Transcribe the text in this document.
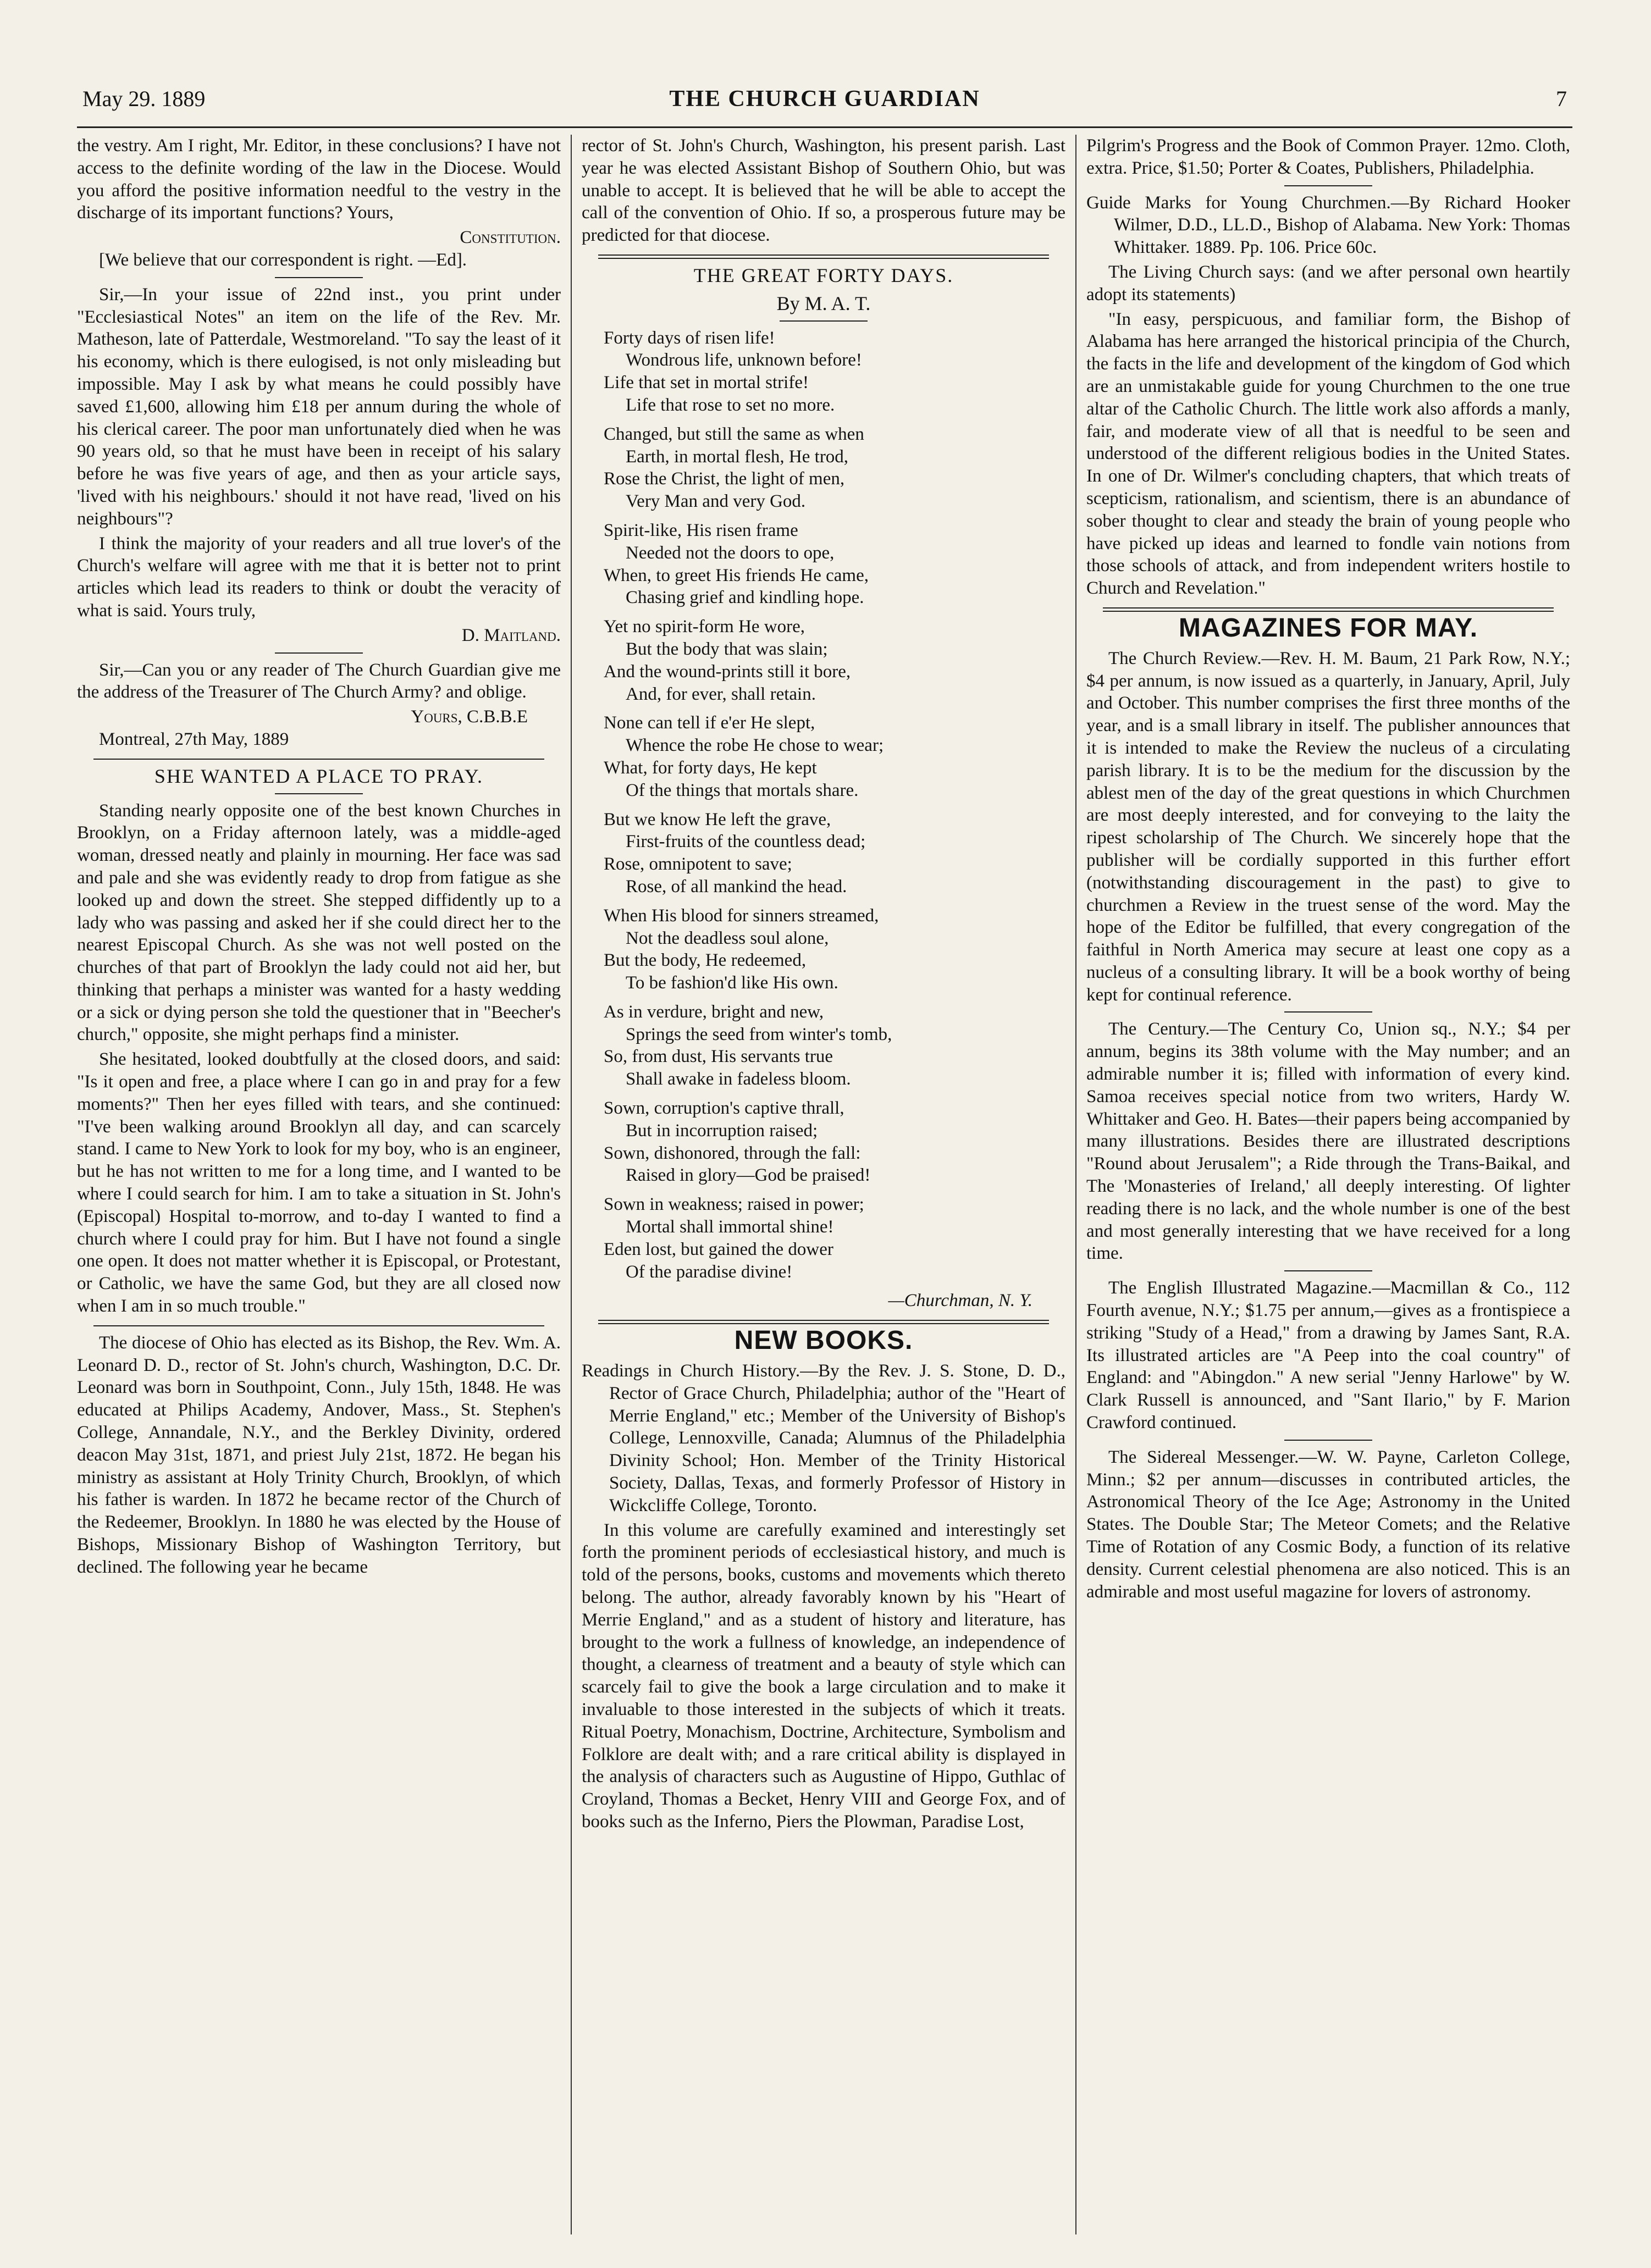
May 29. 1889	THE CHURCH GUARDIAN	7

the vestry. Am I right, Mr. Editor, in these conclusions? I have not access to the definite wording of the law in the Diocese. Would you afford the positive information needful to the vestry in the discharge of its important functions? Yours,

Constitution.

[We believe that our correspondent is right. —Ed].

Sir,—In your issue of 22nd inst., you print under "Ecclesiastical Notes" an item on the life of the Rev. Mr. Matheson, late of Patterdale, Westmoreland. "To say the least of it his economy, which is there eulogised, is not only misleading but impossible. May I ask by what means he could possibly have saved £1,600, allowing him £18 per annum during the whole of his clerical career. The poor man unfortunately died when he was 90 years old, so that he must have been in receipt of his salary before he was five years of age, and then as your article says, 'lived with his neighbours.' should it not have read, 'lived on his neighbours"?

I think the majority of your readers and all true lover's of the Church's welfare will agree with me that it is better not to print articles which lead its readers to think or doubt the veracity of what is said. Yours truly,

D. Maitland.

Sir,—Can you or any reader of The Church Guardian give me the address of the Treasurer of The Church Army? and oblige.

Yours, C.B.B.E

Montreal, 27th May, 1889

SHE WANTED A PLACE TO PRAY.

Standing nearly opposite one of the best known Churches in Brooklyn, on a Friday afternoon lately, was a middle-aged woman, dressed neatly and plainly in mourning. Her face was sad and pale and she was evidently ready to drop from fatigue as she looked up and down the street. She stepped diffidently up to a lady who was passing and asked her if she could direct her to the nearest Episcopal Church. As she was not well posted on the churches of that part of Brooklyn the lady could not aid her, but thinking that perhaps a minister was wanted for a hasty wedding or a sick or dying person she told the questioner that in "Beecher's church," opposite, she might perhaps find a minister.

She hesitated, looked doubtfully at the closed doors, and said: "Is it open and free, a place where I can go in and pray for a few moments?" Then her eyes filled with tears, and she continued: "I've been walking around Brooklyn all day, and can scarcely stand. I came to New York to look for my boy, who is an engineer, but he has not written to me for a long time, and I wanted to be where I could search for him. I am to take a situation in St. John's (Episcopal) Hospital to-morrow, and to-day I wanted to find a church where I could pray for him. But I have not found a single one open. It does not matter whether it is Episcopal, or Protestant, or Catholic, we have the same God, but they are all closed now when I am in so much trouble."

The diocese of Ohio has elected as its Bishop, the Rev. Wm. A. Leonard D. D., rector of St. John's church, Washington, D.C. Dr. Leonard was born in Southpoint, Conn., July 15th, 1848. He was educated at Philips Academy, Andover, Mass., St. Stephen's College, Annandale, N.Y., and the Berkley Divinity, ordered deacon May 31st, 1871, and priest July 21st, 1872. He began his ministry as assistant at Holy Trinity Church, Brooklyn, of which his father is warden. In 1872 he became rector of the Church of the Redeemer, Brooklyn. In 1880 he was elected by the House of Bishops, Missionary Bishop of Washington Territory, but declined. The following year he became

rector of St. John's Church, Washington, his present parish. Last year he was elected Assistant Bishop of Southern Ohio, but was unable to accept. It is believed that he will be able to accept the call of the convention of Ohio. If so, a prosperous future may be predicted for that diocese.

THE GREAT FORTY DAYS.
By M. A. T.
Forty days of risen life!
Wondrous life, unknown before!
Life that set in mortal strife!
Life that rose to set no more.
Changed, but still the same as when
Earth, in mortal flesh, He trod,
Rose the Christ, the light of men,
Very Man and very God.
Spirit-like, His risen frame
Needed not the doors to ope,
When, to greet His friends He came,
Chasing grief and kindling hope.
Yet no spirit-form He wore,
But the body that was slain;
And the wound-prints still it bore,
And, for ever, shall retain.
None can tell if e'er He slept,
Whence the robe He chose to wear;
What, for forty days, He kept
Of the things that mortals share.
But we know He left the grave,
First-fruits of the countless dead;
Rose, omnipotent to save;
Rose, of all mankind the head.
When His blood for sinners streamed,
Not the deadless soul alone,
But the body, He redeemed,
To be fashion'd like His own.
As in verdure, bright and new,
Springs the seed from winter's tomb,
So, from dust, His servants true
Shall awake in fadeless bloom.
Sown, corruption's captive thrall,
But in incorruption raised;
Sown, dishonored, through the fall:
Raised in glory—God be praised!
Sown in weakness; raised in power;
Mortal shall immortal shine!
Eden lost, but gained the dower
Of the paradise divine!
—Churchman, N. Y.
NEW BOOKS.

Readings in Church History.—By the Rev. J. S. Stone, D. D., Rector of Grace Church, Philadelphia; author of the "Heart of Merrie England," etc.; Member of the University of Bishop's College, Lennoxville, Canada; Alumnus of the Philadelphia Divinity School; Hon. Member of the Trinity Historical Society, Dallas, Texas, and formerly Professor of History in Wickcliffe College, Toronto.

In this volume are carefully examined and interestingly set forth the prominent periods of ecclesiastical history, and much is told of the persons, books, customs and movements which thereto belong. The author, already favorably known by his "Heart of Merrie England," and as a student of history and literature, has brought to the work a fullness of knowledge, an independence of thought, a clearness of treatment and a beauty of style which can scarcely fail to give the book a large circulation and to make it invaluable to those interested in the subjects of which it treats. Ritual Poetry, Monachism, Doctrine, Architecture, Symbolism and Folklore are dealt with; and a rare critical ability is displayed in the analysis of characters such as Augustine of Hippo, Guthlac of Croyland, Thomas a Becket, Henry VIII and George Fox, and of books such as the Inferno, Piers the Plowman, Paradise Lost,

Pilgrim's Progress and the Book of Common Prayer. 12mo. Cloth, extra. Price, $1.50; Porter & Coates, Publishers, Philadelphia.

Guide Marks for Young Churchmen.—By Richard Hooker Wilmer, D.D., LL.D., Bishop of Alabama. New York: Thomas Whittaker. 1889. Pp. 106. Price 60c.

The Living Church says: (and we after personal own heartily adopt its statements)

"In easy, perspicuous, and familiar form, the Bishop of Alabama has here arranged the historical principia of the Church, the facts in the life and development of the kingdom of God which are an unmistakable guide for young Churchmen to the one true altar of the Catholic Church. The little work also affords a manly, fair, and moderate view of all that is needful to be seen and understood of the different religious bodies in the United States. In one of Dr. Wilmer's concluding chapters, that which treats of scepticism, rationalism, and scientism, there is an abundance of sober thought to clear and steady the brain of young people who have picked up ideas and learned to fondle vain notions from those schools of attack, and from independent writers hostile to Church and Revelation."

MAGAZINES FOR MAY.

The Church Review.—Rev. H. M. Baum, 21 Park Row, N.Y.; $4 per annum, is now issued as a quarterly, in January, April, July and October. This number comprises the first three months of the year, and is a small library in itself. The publisher announces that it is intended to make the Review the nucleus of a circulating parish library. It is to be the medium for the discussion by the ablest men of the day of the great questions in which Churchmen are most deeply interested, and for conveying to the laity the ripest scholarship of The Church. We sincerely hope that the publisher will be cordially supported in this further effort (notwithstanding discouragement in the past) to give to churchmen a Review in the truest sense of the word. May the hope of the Editor be fulfilled, that every congregation of the faithful in North America may secure at least one copy as a nucleus of a consulting library. It will be a book worthy of being kept for continual reference.

The Century.—The Century Co, Union sq., N.Y.; $4 per annum, begins its 38th volume with the May number; and an admirable number it is; filled with information of every kind. Samoa receives special notice from two writers, Hardy W. Whittaker and Geo. H. Bates—their papers being accompanied by many illustrations. Besides there are illustrated descriptions "Round about Jerusalem"; a Ride through the Trans-Baikal, and The 'Monasteries of Ireland,' all deeply interesting. Of lighter reading there is no lack, and the whole number is one of the best and most generally interesting that we have received for a long time.

The English Illustrated Magazine.—Macmillan & Co., 112 Fourth avenue, N.Y.; $1.75 per annum,—gives as a frontispiece a striking "Study of a Head," from a drawing by James Sant, R.A. Its illustrated articles are "A Peep into the coal country" of England: and "Abingdon." A new serial "Jenny Harlowe" by W. Clark Russell is announced, and "Sant Ilario," by F. Marion Crawford continued.

The Sidereal Messenger.—W. W. Payne, Carleton College, Minn.; $2 per annum—discusses in contributed articles, the Astronomical Theory of the Ice Age; Astronomy in the United States. The Double Star; The Meteor Comets; and the Relative Time of Rotation of any Cosmic Body, a function of its relative density. Current celestial phenomena are also noticed. This is an admirable and most useful magazine for lovers of astronomy.
